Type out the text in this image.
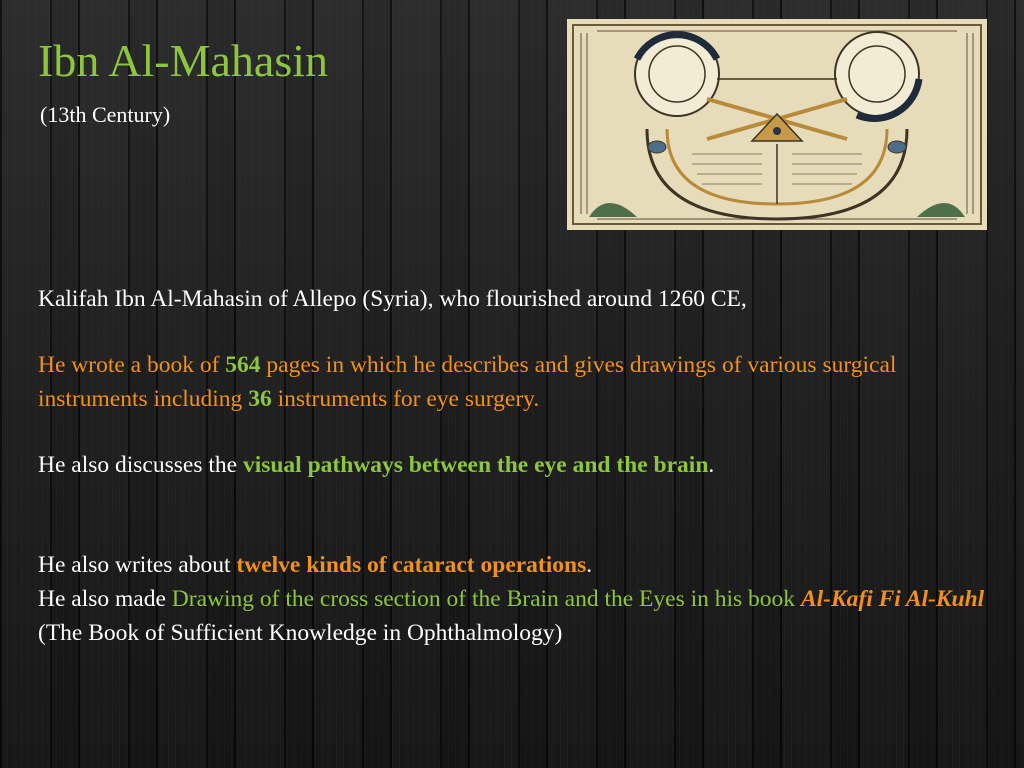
Ibn Al-Mahasin
(13th Century)

Kalifah Ibn Al-Mahasin of Allepo (Syria), who flourished around 1260 CE,

He wrote a book of 564 pages in which he describes and gives drawings of various surgical instruments including 36 instruments for eye surgery.

He also discusses the visual pathways between the eye and the brain.

He also writes about twelve kinds of cataract operations.

He also made Drawing of the cross section of the Brain and the Eyes in his book Al-Kafi Fi Al-Kuhl

(The Book of Sufficient Knowledge in Ophthalmology)
